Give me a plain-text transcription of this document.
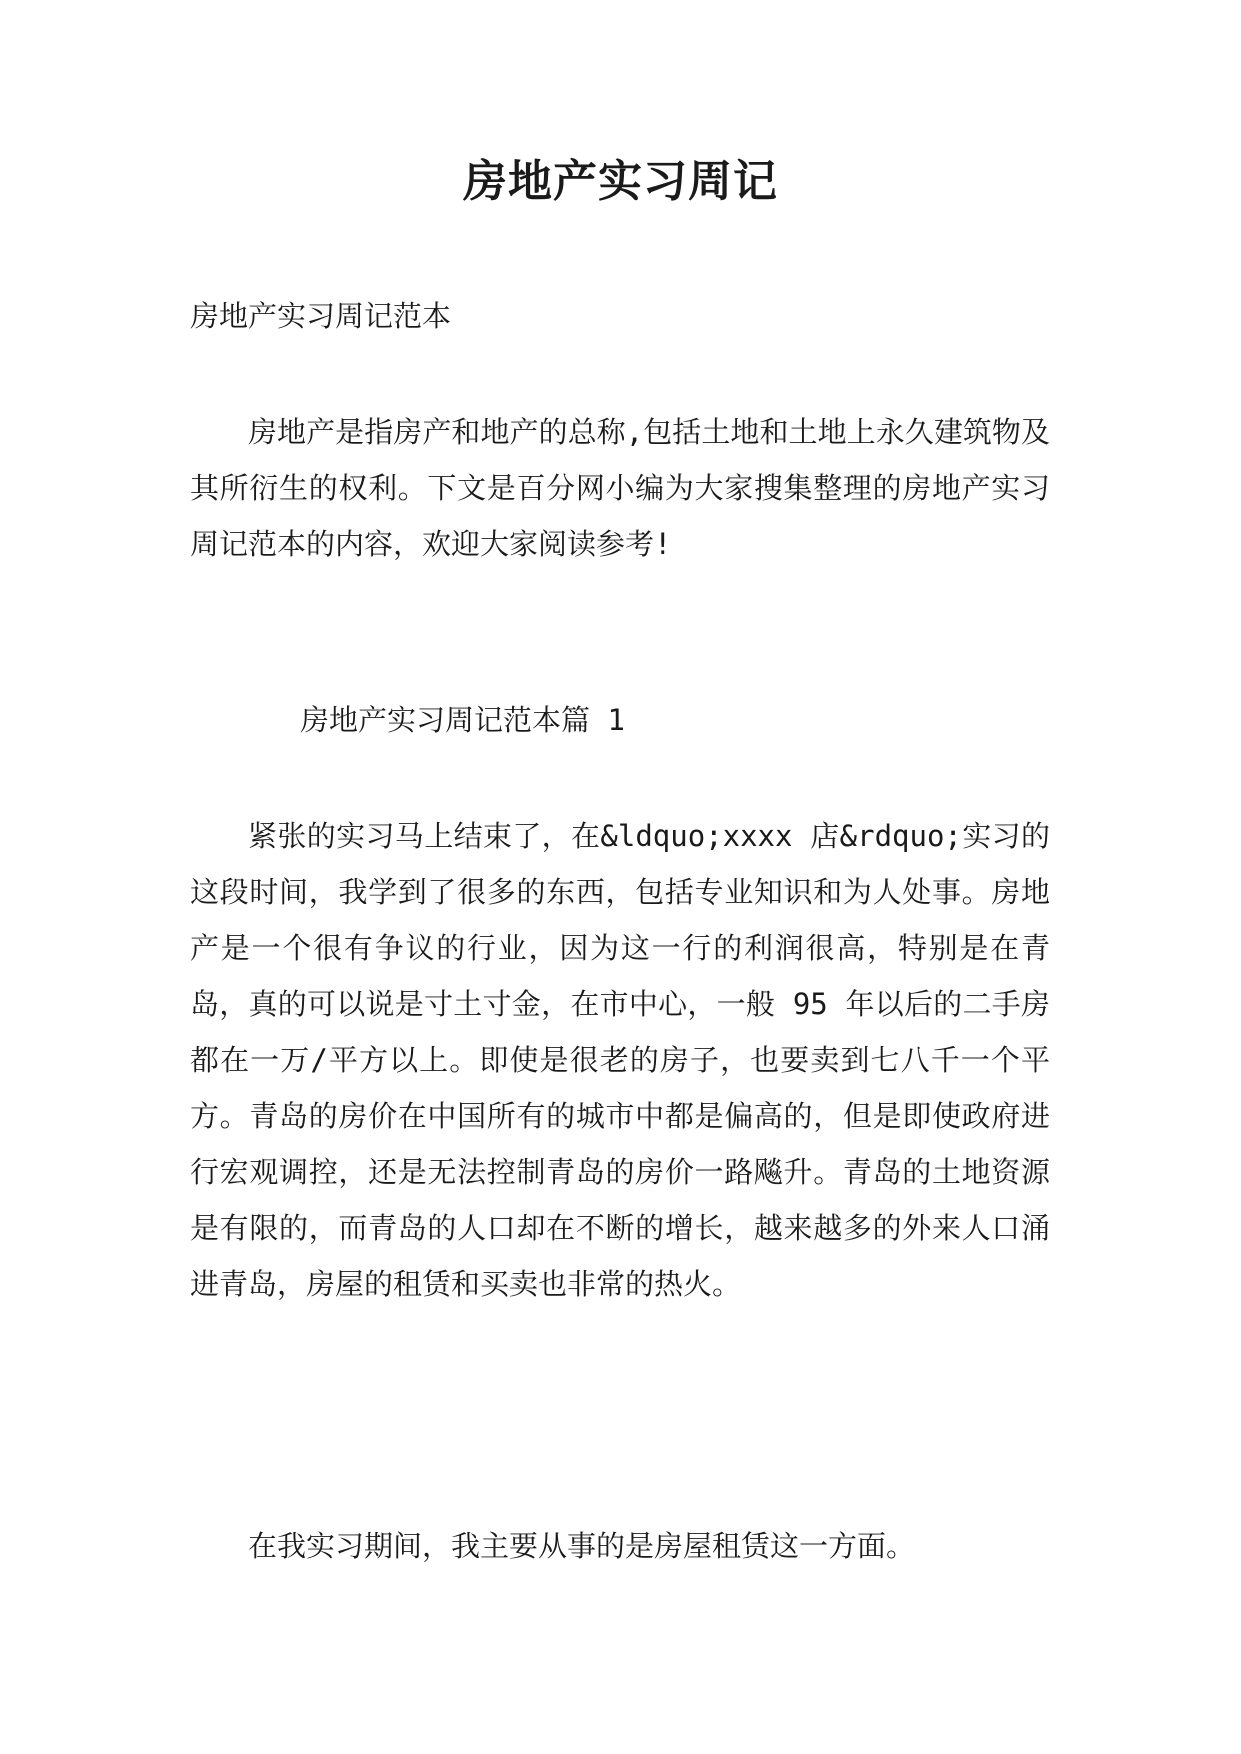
房地产实习周记
房地产实习周记范本

房地产是指房产和地产的总称,包括土地和土地上永久建筑物及其所衍生的权利。下文是百分网小编为大家搜集整理的房地产实习周记范本的内容，欢迎大家阅读参考!

房地产实习周记范本篇 1

紧张的实习马上结束了，在&ldquo;xxxx 店&rdquo;实习的这段时间，我学到了很多的东西，包括专业知识和为人处事。房地产是一个很有争议的行业，因为这一行的利润很高，特别是在青岛，真的可以说是寸土寸金，在市中心，一般 95 年以后的二手房都在一万/平方以上。即使是很老的房子，也要卖到七八千一个平方。青岛的房价在中国所有的城市中都是偏高的，但是即使政府进行宏观调控，还是无法控制青岛的房价一路飚升。青岛的土地资源是有限的，而青岛的人口却在不断的增长，越来越多的外来人口涌进青岛，房屋的租赁和买卖也非常的热火。

在我实习期间，我主要从事的是房屋租赁这一方面。
